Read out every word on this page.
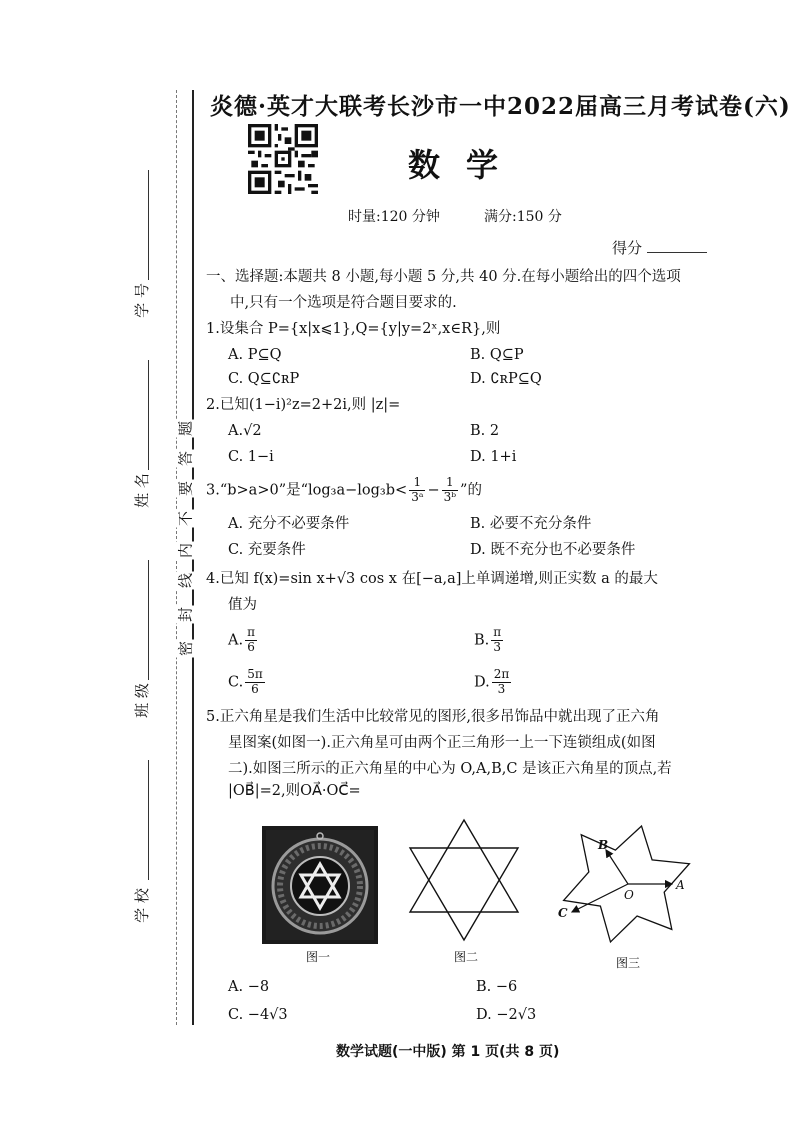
学 号
姓 名
班 级
学 校
题
答
要
不
内
线
封
密
炎德·英才大联考长沙市一中2022届高三月考试卷(六)
数学
时量:120 分钟	满分:150 分
得分
一、选择题:本题共 8 小题,每小题 5 分,共 40 分.在每小题给出的四个选项
中,只有一个选项是符合题目要求的.
1.设集合 P={x|x⩽1},Q={y|y=2ˣ,x∈R},则
A. P⊆Q	B. Q⊆P
C. Q⊆∁ʀP	D. ∁ʀP⊆Q
2.已知(1−i)²z=2+2i,则 |z|=
A.√2	B. 2
C. 1−i	D. 1+i
3.“b>a>0”是“$\log_3a-\log_3b< \frac{1}{\text{3ᵃ}} - \frac{1}{\text{3ᵇ}}$ ”的
A. 充分不必要条件	B. 必要不充分条件
C. 充要条件	D. 既不充分也不必要条件
4.已知 f(x)=sin x+√3 cos x 在[−a,a]上单调递增,则正实数 a 的最大
值为
A. $\frac{\pi}{6}$	B. $\frac{\pi}{3}$
C. $\frac{5\pi}{6}$	D. $\frac{2\pi}{3}$
5.正六角星是我们生活中比较常见的图形,很多吊饰品中就出现了正六角
星图案(如图一).正六角星可由两个正三角形一上一下连锁组成(如图
二).如图三所示的正六角星的中心为 O,A,B,C 是该正六角星的顶点,若
|OB⃗|=2,则OA⃗·OC⃗=
图一	图二
B
O
A
C
图三
A. −8	B. −6
C. −4√3	D. −2√3
数学试题(一中版) 第 1 页(共 8 页)
